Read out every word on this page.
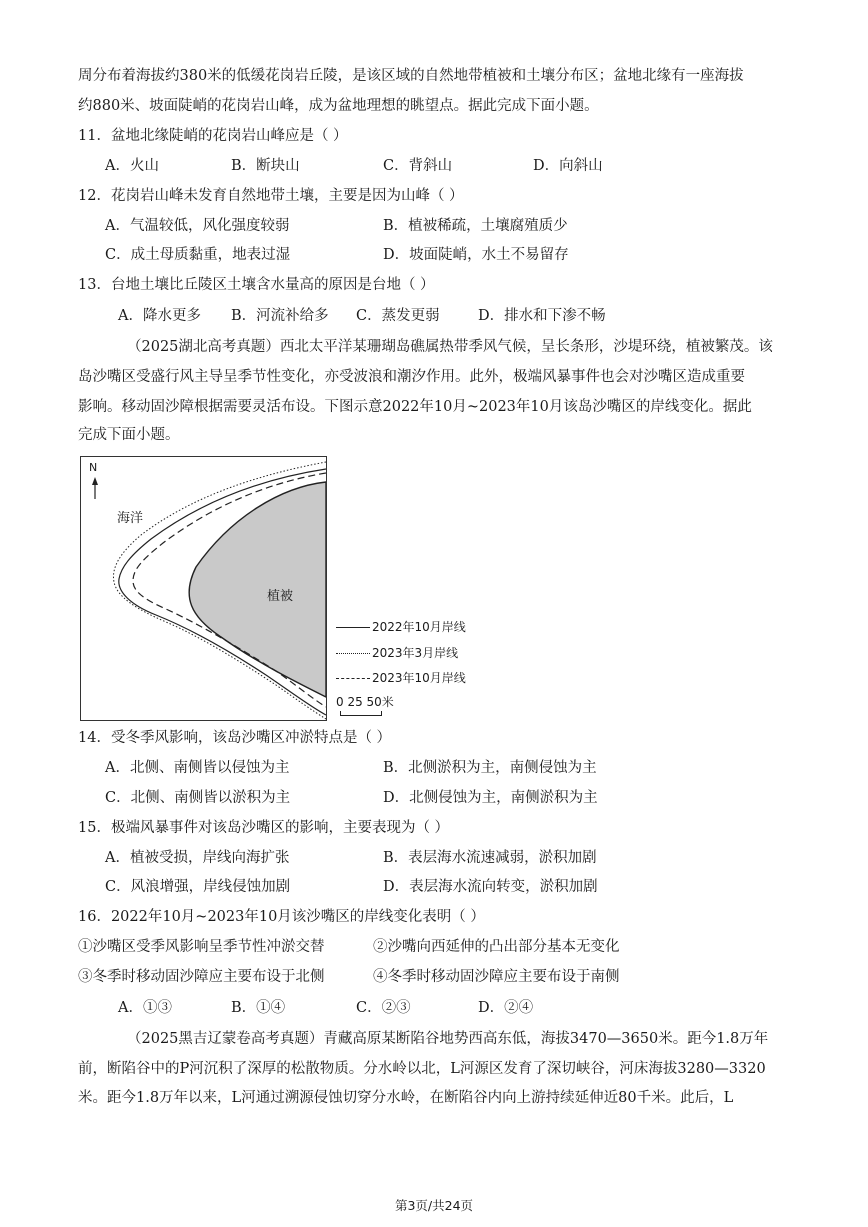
周分布着海拔约380米的低缓花岗岩丘陵，是该区域的自然地带植被和土壤分布区；盆地北缘有一座海拔
约880米、坡面陡峭的花岗岩山峰，成为盆地理想的眺望点。据此完成下面小题。
11．盆地北缘陡峭的花岗岩山峰应是（ ）
A．火山	B．断块山	C．背斜山	D．向斜山
12．花岗岩山峰未发育自然地带土壤，主要是因为山峰（ ）
A．气温较低，风化强度较弱	B．植被稀疏，土壤腐殖质少
C．成土母质黏重，地表过湿	D．坡面陡峭，水土不易留存
13．台地土壤比丘陵区土壤含水量高的原因是台地（ ）
A．降水更多 B．河流补给多 C．蒸发更弱	D．排水和下渗不畅
（2025湖北高考真题）西北太平洋某珊瑚岛礁属热带季风气候，呈长条形，沙堤环绕，植被繁茂。该
岛沙嘴区受盛行风主导呈季节性变化，亦受波浪和潮汐作用。此外，极端风暴事件也会对沙嘴区造成重要
影响。移动固沙障根据需要灵活布设。下图示意2022年10月~2023年10月该岛沙嘴区的岸线变化。据此
完成下面小题。
N
海洋
植被
2022年10月岸线
2023年3月岸线
2023年10月岸线
0 25 50米
14．受冬季风影响，该岛沙嘴区冲淤特点是（ ）
A．北侧、南侧皆以侵蚀为主	B．北侧淤积为主，南侧侵蚀为主
C．北侧、南侧皆以淤积为主	D．北侧侵蚀为主，南侧淤积为主
15．极端风暴事件对该岛沙嘴区的影响，主要表现为（ ）
A．植被受损，岸线向海扩张	B．表层海水流速减弱，淤积加剧
C．风浪增强，岸线侵蚀加剧	D．表层海水流向转变，淤积加剧
16．2022年10月~2023年10月该沙嘴区的岸线变化表明（ ）
①沙嘴区受季风影响呈季节性冲淤交替	②沙嘴向西延伸的凸出部分基本无变化
③冬季时移动固沙障应主要布设于北侧	④冬季时移动固沙障应主要布设于南侧
A．①③	B．①④	C．②③	D．②④
（2025黑吉辽蒙卷高考真题）青藏高原某断陷谷地势西高东低，海拔3470—3650米。距今1.8万年
前，断陷谷中的P河沉积了深厚的松散物质。分水岭以北，L河源区发育了深切峡谷，河床海拔3280—3320
米。距今1.8万年以来，L河通过溯源侵蚀切穿分水岭，在断陷谷内向上游持续延伸近80千米。此后，L
第3页/共24页
